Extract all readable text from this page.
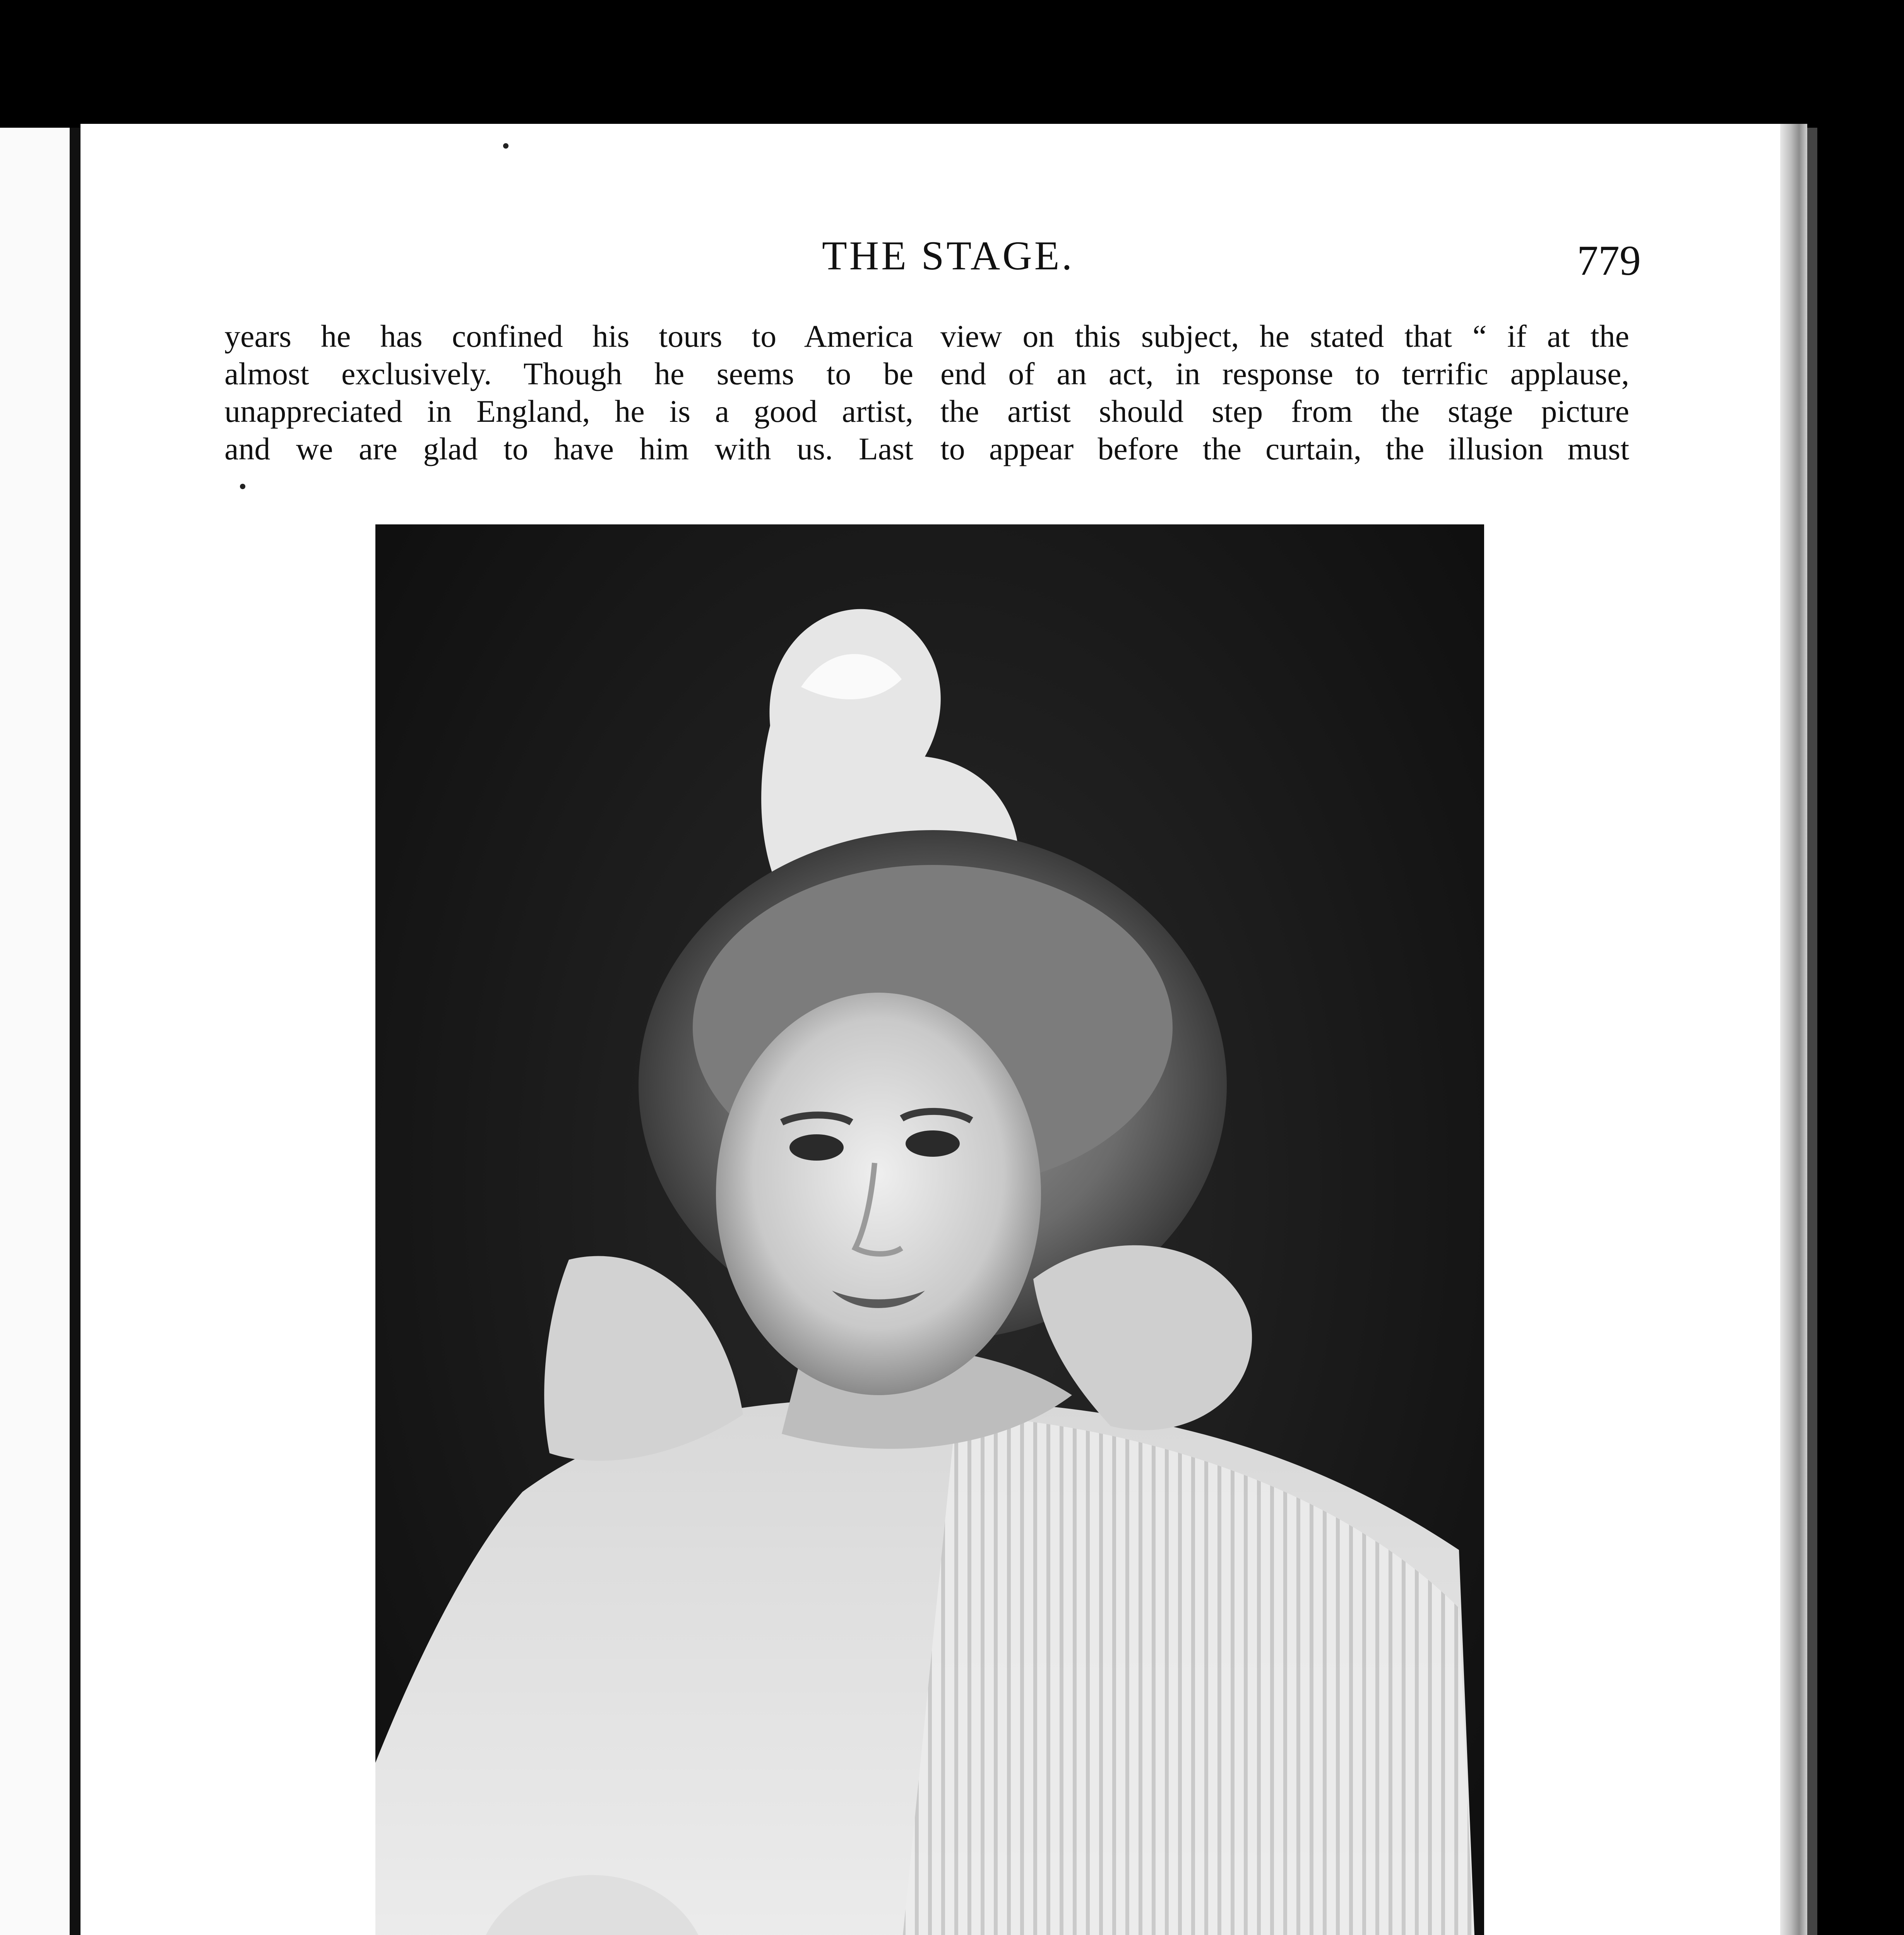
THE STAGE.	779
years he has confined his tours to America
almost exclusively. Though he seems to be
unappreciated in England, he is a good artist,
and we are glad to have him with us. Last
view on this subject, he stated that “ if at the
end of an act, in response to terrific applause,
the artist should step from the stage picture
to appear before the curtain, the illusion must
